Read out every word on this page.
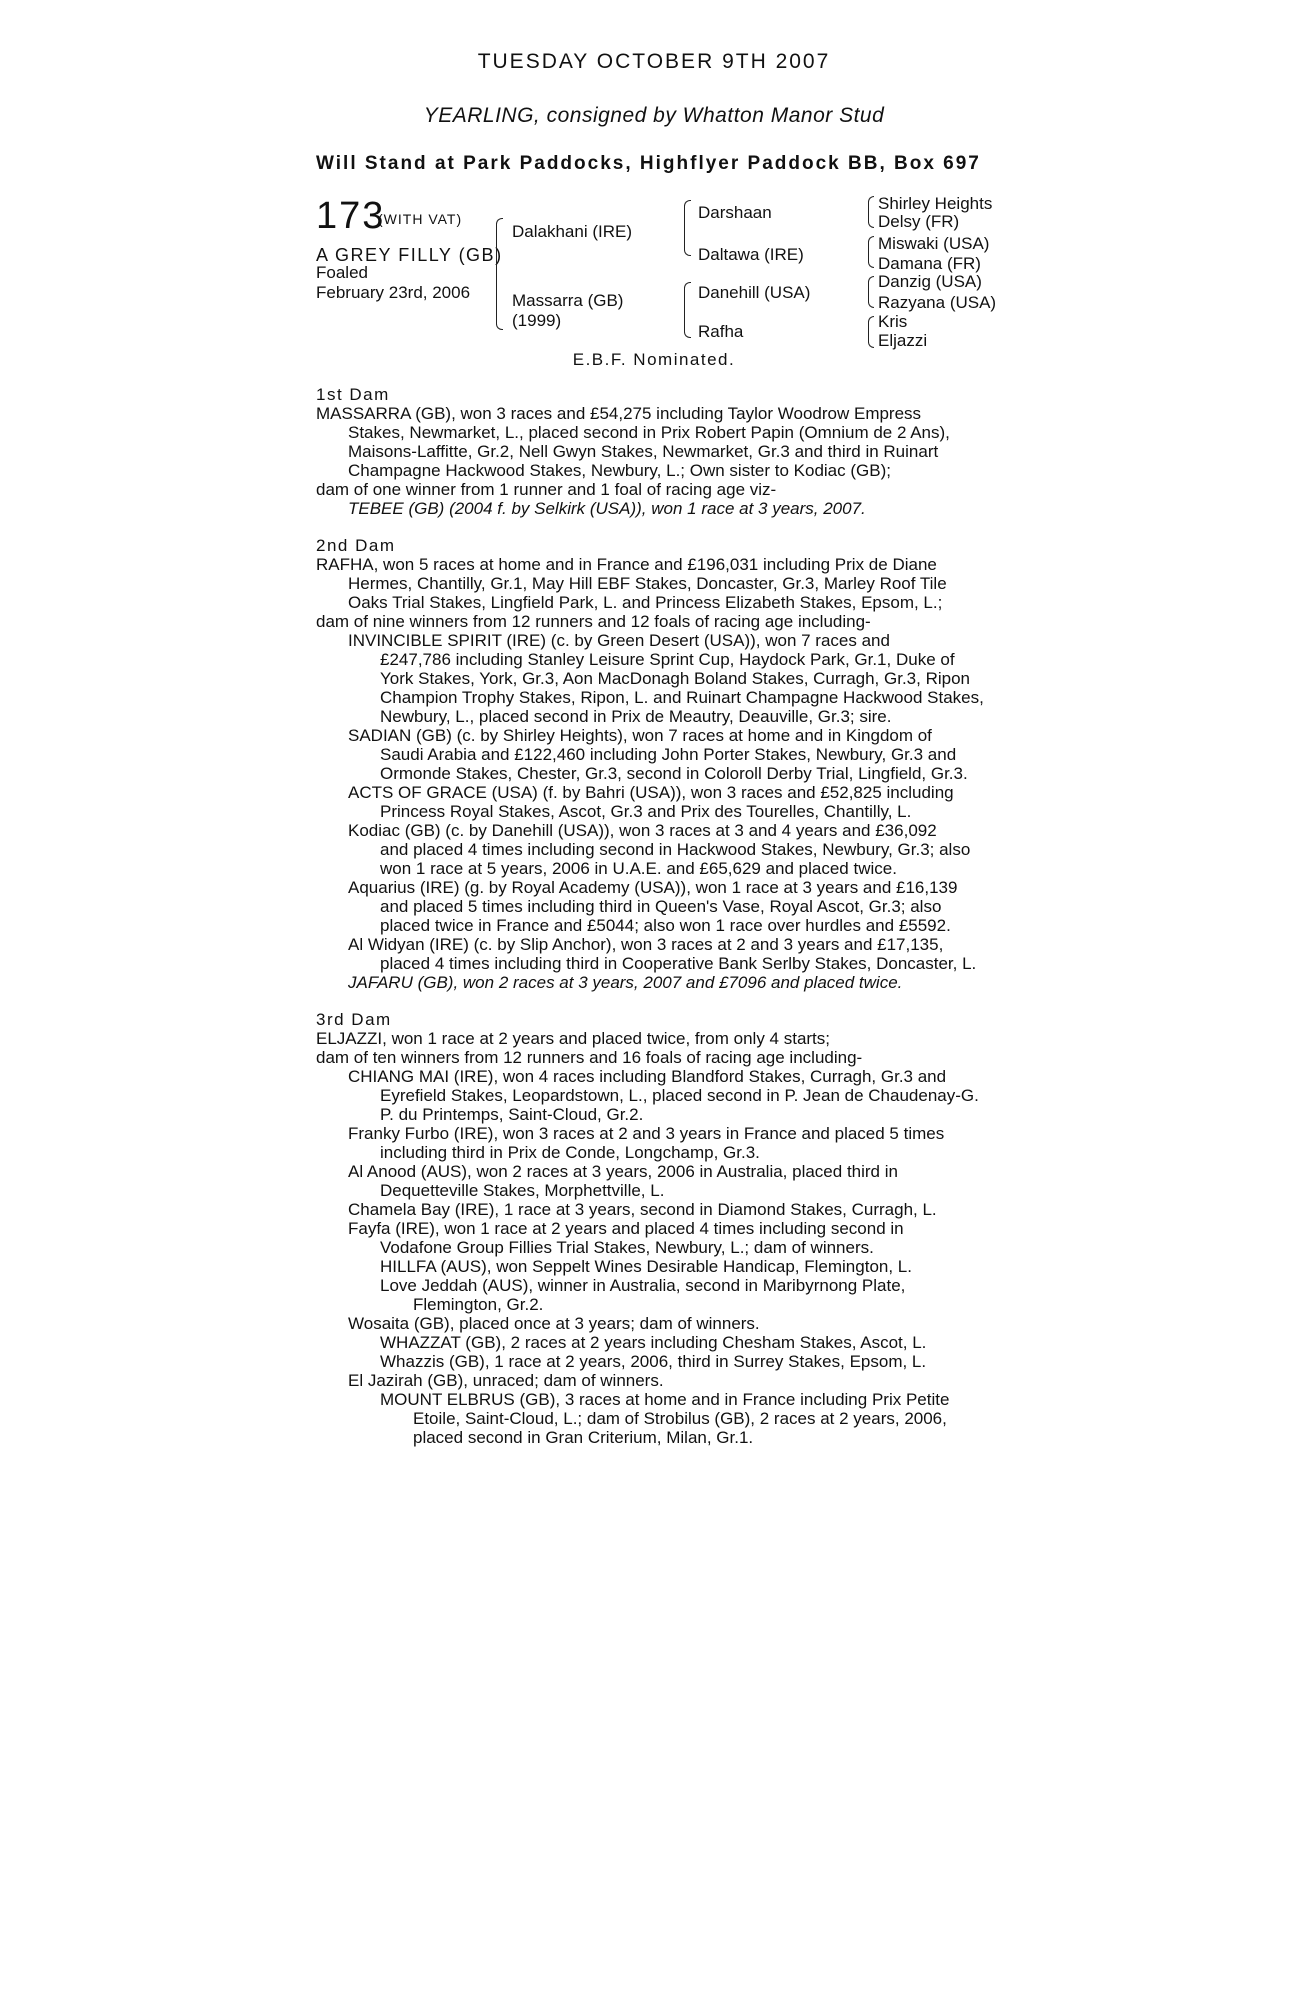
TUESDAY OCTOBER 9TH 2007
YEARLING, consigned by Whatton Manor Stud
Will Stand at Park Paddocks, Highflyer Paddock BB, Box 697
173
(WITH VAT)
A GREY FILLY (GB)
Foaled
February 23rd, 2006
Dalakhani (IRE)
Massarra (GB)
(1999)
Darshaan
Daltawa (IRE)
Danehill (USA)
Rafha
Shirley Heights
Delsy (FR)
Miswaki (USA)
Damana (FR)
Danzig (USA)
Razyana (USA)
Kris
Eljazzi
E.B.F. Nominated.
1st Dam
MASSARRA (GB), won 3 races and £54,275 including Taylor Woodrow Empress
Stakes, Newmarket, L., placed second in Prix Robert Papin (Omnium de 2 Ans),
Maisons-Laffitte, Gr.2, Nell Gwyn Stakes, Newmarket, Gr.3 and third in Ruinart
Champagne Hackwood Stakes, Newbury, L.; Own sister to Kodiac (GB);
dam of one winner from 1 runner and 1 foal of racing age viz-
TEBEE (GB) (2004 f. by Selkirk (USA)), won 1 race at 3 years, 2007.
2nd Dam
RAFHA, won 5 races at home and in France and £196,031 including Prix de Diane
Hermes, Chantilly, Gr.1, May Hill EBF Stakes, Doncaster, Gr.3, Marley Roof Tile
Oaks Trial Stakes, Lingfield Park, L. and Princess Elizabeth Stakes, Epsom, L.;
dam of nine winners from 12 runners and 12 foals of racing age including-
INVINCIBLE SPIRIT (IRE) (c. by Green Desert (USA)), won 7 races and
£247,786 including Stanley Leisure Sprint Cup, Haydock Park, Gr.1, Duke of
York Stakes, York, Gr.3, Aon MacDonagh Boland Stakes, Curragh, Gr.3, Ripon
Champion Trophy Stakes, Ripon, L. and Ruinart Champagne Hackwood Stakes,
Newbury, L., placed second in Prix de Meautry, Deauville, Gr.3; sire.
SADIAN (GB) (c. by Shirley Heights), won 7 races at home and in Kingdom of
Saudi Arabia and £122,460 including John Porter Stakes, Newbury, Gr.3 and
Ormonde Stakes, Chester, Gr.3, second in Coloroll Derby Trial, Lingfield, Gr.3.
ACTS OF GRACE (USA) (f. by Bahri (USA)), won 3 races and £52,825 including
Princess Royal Stakes, Ascot, Gr.3 and Prix des Tourelles, Chantilly, L.
Kodiac (GB) (c. by Danehill (USA)), won 3 races at 3 and 4 years and £36,092
and placed 4 times including second in Hackwood Stakes, Newbury, Gr.3; also
won 1 race at 5 years, 2006 in U.A.E. and £65,629 and placed twice.
Aquarius (IRE) (g. by Royal Academy (USA)), won 1 race at 3 years and £16,139
and placed 5 times including third in Queen's Vase, Royal Ascot, Gr.3; also
placed twice in France and £5044; also won 1 race over hurdles and £5592.
Al Widyan (IRE) (c. by Slip Anchor), won 3 races at 2 and 3 years and £17,135,
placed 4 times including third in Cooperative Bank Serlby Stakes, Doncaster, L.
JAFARU (GB), won 2 races at 3 years, 2007 and £7096 and placed twice.
3rd Dam
ELJAZZI, won 1 race at 2 years and placed twice, from only 4 starts;
dam of ten winners from 12 runners and 16 foals of racing age including-
CHIANG MAI (IRE), won 4 races including Blandford Stakes, Curragh, Gr.3 and
Eyrefield Stakes, Leopardstown, L., placed second in P. Jean de Chaudenay-G.
P. du Printemps, Saint-Cloud, Gr.2.
Franky Furbo (IRE), won 3 races at 2 and 3 years in France and placed 5 times
including third in Prix de Conde, Longchamp, Gr.3.
Al Anood (AUS), won 2 races at 3 years, 2006 in Australia, placed third in
Dequetteville Stakes, Morphettville, L.
Chamela Bay (IRE), 1 race at 3 years, second in Diamond Stakes, Curragh, L.
Fayfa (IRE), won 1 race at 2 years and placed 4 times including second in
Vodafone Group Fillies Trial Stakes, Newbury, L.; dam of winners.
HILLFA (AUS), won Seppelt Wines Desirable Handicap, Flemington, L.
Love Jeddah (AUS), winner in Australia, second in Maribyrnong Plate,
Flemington, Gr.2.
Wosaita (GB), placed once at 3 years; dam of winners.
WHAZZAT (GB), 2 races at 2 years including Chesham Stakes, Ascot, L.
Whazzis (GB), 1 race at 2 years, 2006, third in Surrey Stakes, Epsom, L.
El Jazirah (GB), unraced; dam of winners.
MOUNT ELBRUS (GB), 3 races at home and in France including Prix Petite
Etoile, Saint-Cloud, L.; dam of Strobilus (GB), 2 races at 2 years, 2006,
placed second in Gran Criterium, Milan, Gr.1.
